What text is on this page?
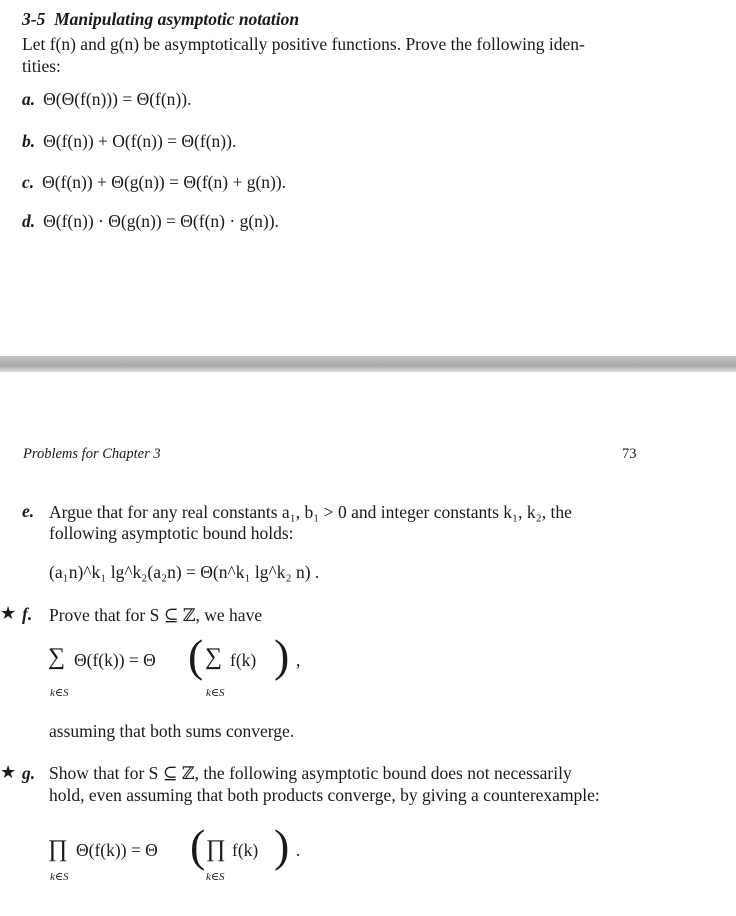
3-5 Manipulating asymptotic notation
Let f(n) and g(n) be asymptotically positive functions. Prove the following iden-
tities:
a. Θ(Θ(f(n))) = Θ(f(n)).
b. Θ(f(n)) + O(f(n)) = Θ(f(n)).
c. Θ(f(n)) + Θ(g(n)) = Θ(f(n) + g(n)).
d. Θ(f(n)) · Θ(g(n)) = Θ(f(n) · g(n)).
Problems for Chapter 3	73
e. Argue that for any real constants a₁, b₁ > 0 and integer constants k₁, k₂, the
following asymptotic bound holds:
(a₁n)^k₁ lg^k₂(a₂n) = Θ(n^k₁ lg^k₂ n) .
★ f. Prove that for S ⊆ ℤ, we have
∑
k∈S
Θ(f(k)) = Θ ( ∑
k∈S
f(k) ) ,
assuming that both sums converge.
★ g. Show that for S ⊆ ℤ, the following asymptotic bound does not necessarily
hold, even assuming that both products converge, by giving a counterexample:
∏
k∈S
Θ(f(k)) = Θ ( ∏
k∈S
f(k) ) .
